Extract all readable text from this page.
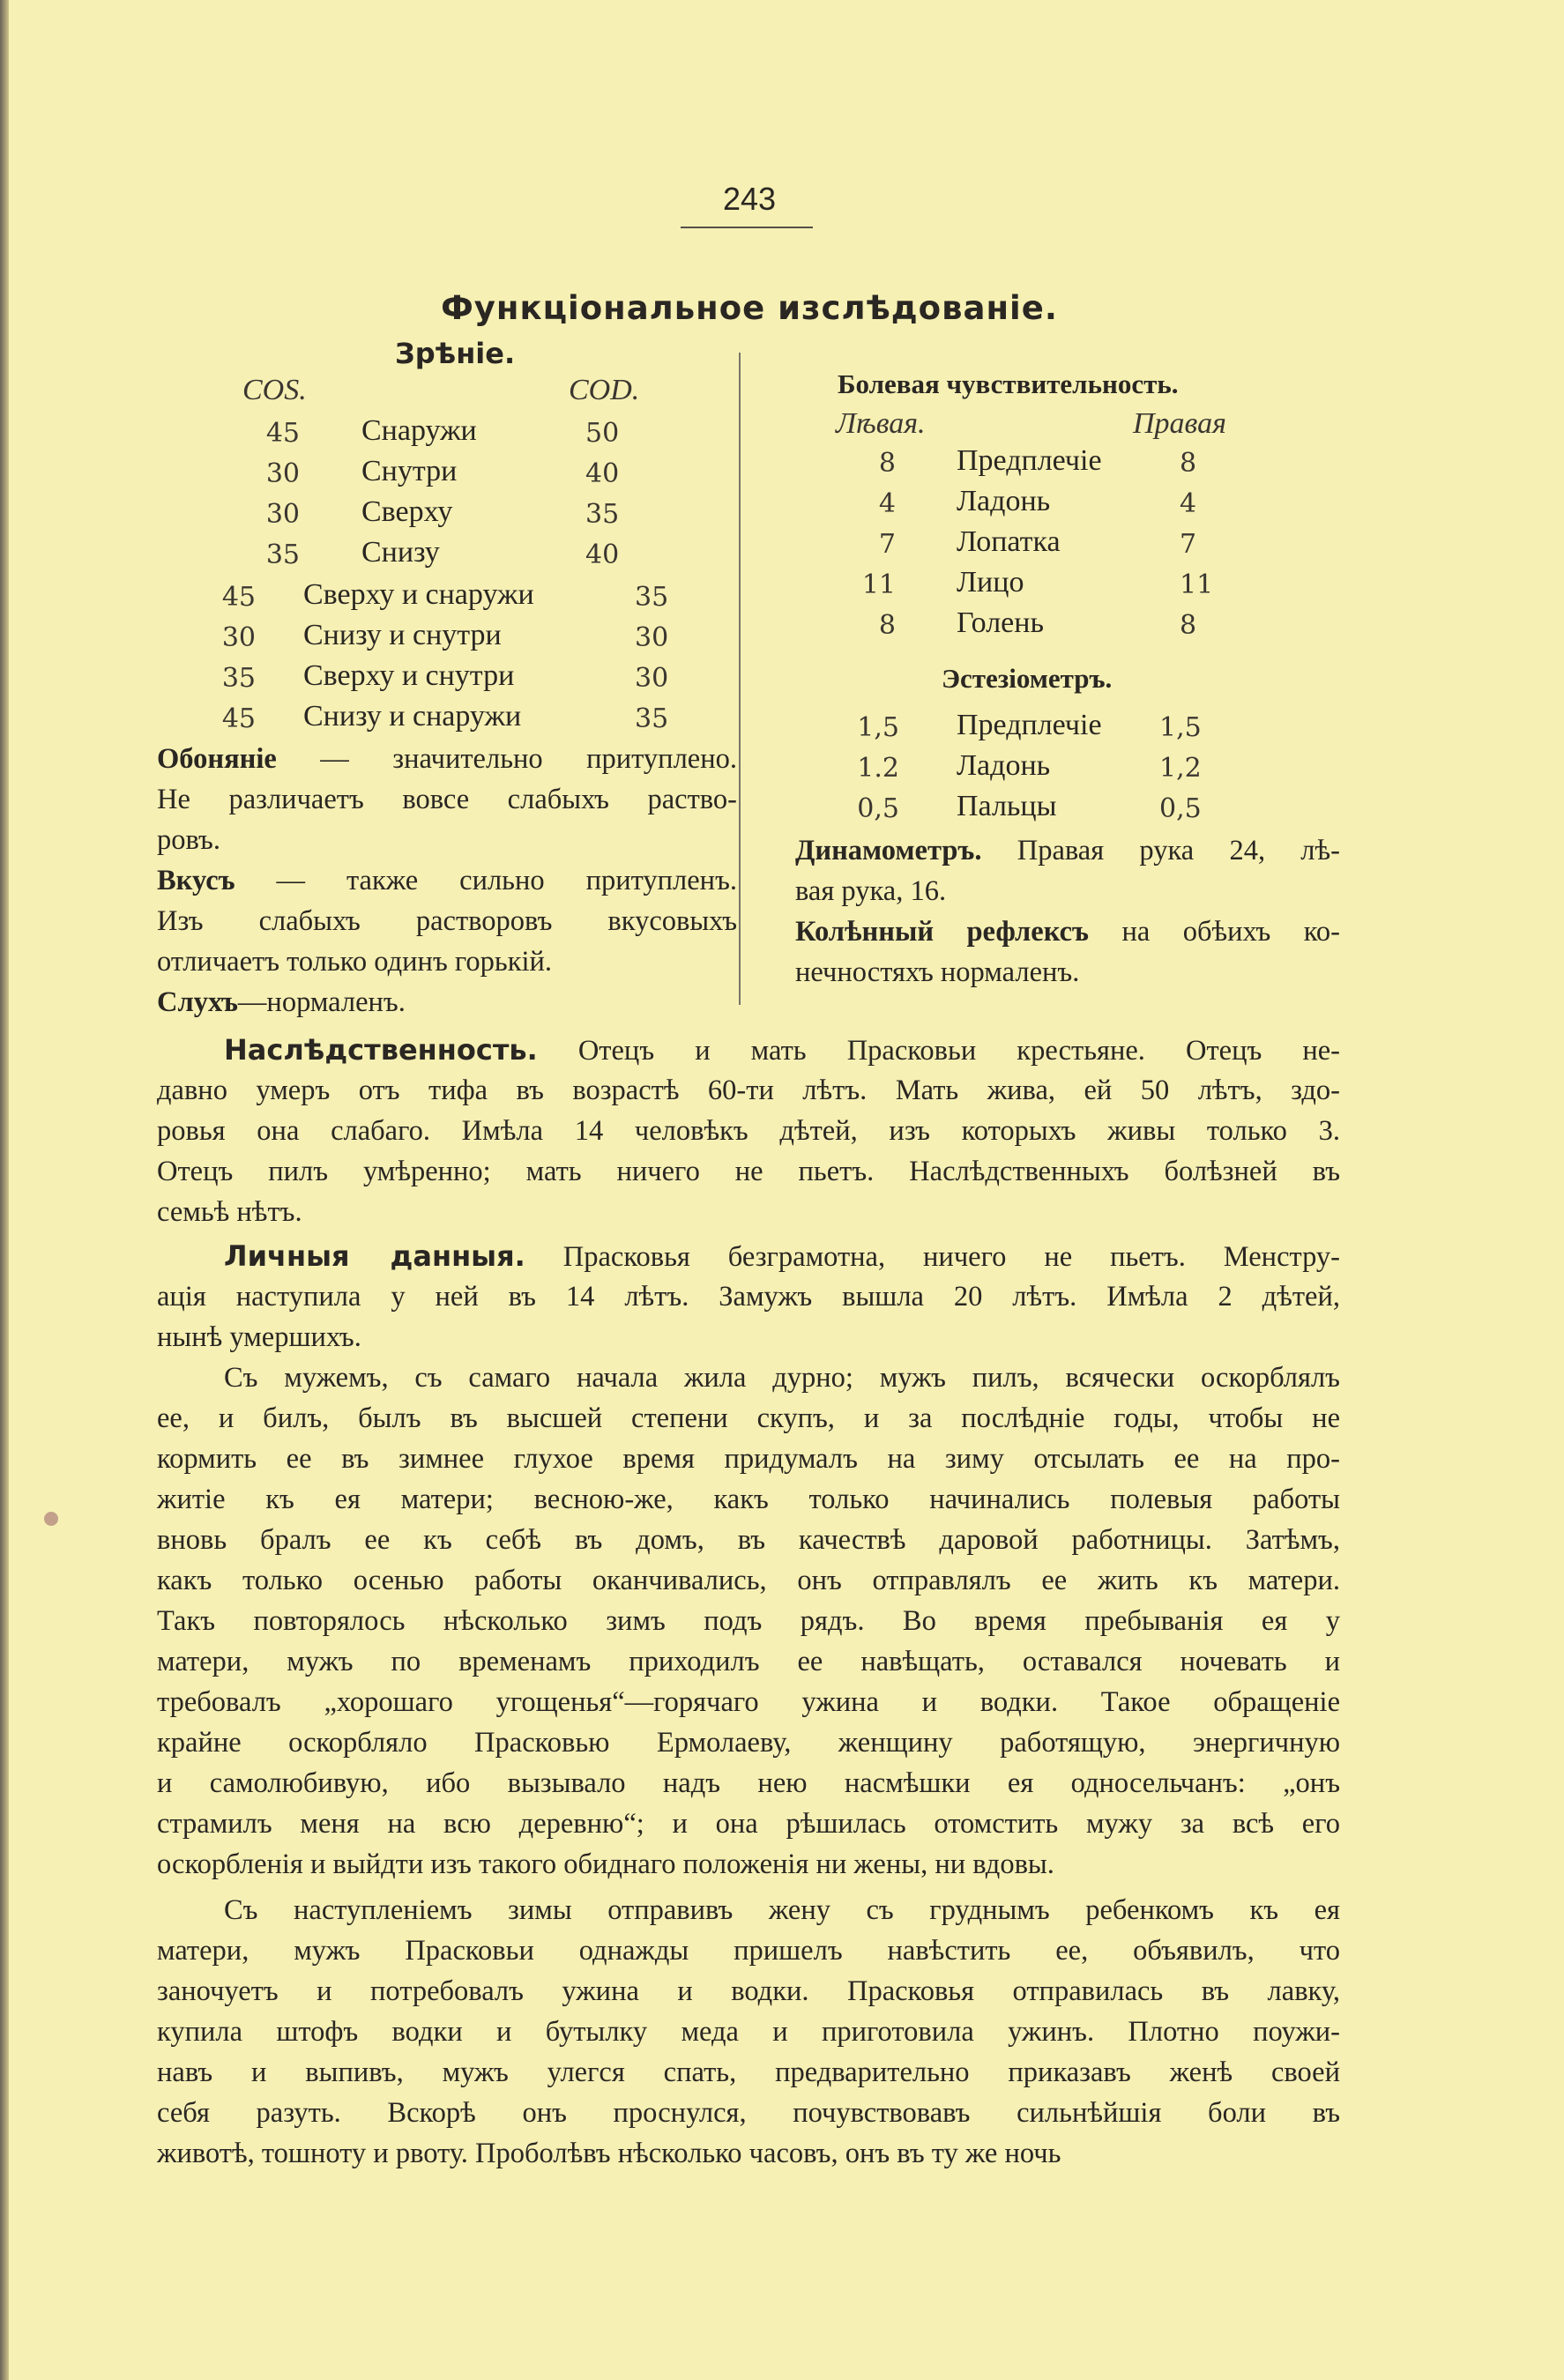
243
Функціональное изслѣдованіе.
Зрѣніе.
COS.	COD.
45 Снаружи	50
30 Снутри	40
30 Сверху	35
35 Снизу	40
45 Сверху и снаружи	35
30 Снизу и снутри	30
35 Сверху и снутри	30
45 Снизу и снаружи	35
Обоняніе — значительно притуплено.
Не различаетъ вовсе слабыхъ раство-
ровъ.
Вкусъ — также сильно притупленъ.
Изъ слабыхъ растворовъ вкусовыхъ
отличаетъ только одинъ горькій.
Слухъ—нормаленъ.
Болевая чувствительность.
Лѣвая.	Правая
8 Предплечіе	8
4 Ладонь	4
7 Лопатка	7
11 Лицо	11
8 Голень	8
Эстезіометръ.
1,5 Предплечіе 1,5
1.2 Ладонь	1,2
0,5 Пальцы	0,5
Динамометръ. Правая рука 24, лѣ-
вая рука, 16.
Колѣнный рефлексъ на обѣихъ ко-
нечностяхъ нормаленъ.
Наслѣдственность. Отецъ и мать Прасковьи крестьяне. Отецъ не-
давно умеръ отъ тифа въ возрастѣ 60-ти лѣтъ. Мать жива, ей 50 лѣтъ, здо-
ровья она слабаго. Имѣла 14 человѣкъ дѣтей, изъ которыхъ живы только 3.
Отецъ пилъ умѣренно; мать ничего не пьетъ. Наслѣдственныхъ болѣзней въ
семьѣ нѣтъ.
Личныя данныя. Прасковья безграмотна, ничего не пьетъ. Менстру-
ація наступила у ней въ 14 лѣтъ. Замужъ вышла 20 лѣтъ. Имѣла 2 дѣтей,
нынѣ умершихъ.
Съ мужемъ, съ самаго начала жила дурно; мужъ пилъ, всячески оскорблялъ
ее, и билъ, былъ въ высшей степени скупъ, и за послѣдніе годы, чтобы не
кормить ее въ зимнее глухое время придумалъ на зиму отсылать ее на про-
житіе къ ея матери; весною-же, какъ только начинались полевыя работы
вновь бралъ ее къ себѣ въ домъ, въ качествѣ даровой работницы. Затѣмъ,
какъ только осенью работы оканчивались, онъ отправлялъ ее жить къ матери.
Такъ повторялось нѣсколько зимъ подъ рядъ. Во время пребыванія ея у
матери, мужъ по временамъ приходилъ ее навѣщать, оставался ночевать и
требовалъ „хорошаго угощенья“—горячаго ужина и водки. Такое обращеніе
крайне оскорбляло Прасковью Ермолаеву, женщину работящую, энергичную
и самолюбивую, ибо вызывало надъ нею насмѣшки ея односельчанъ: „онъ
страмилъ меня на всю деревню“; и она рѣшилась отомстить мужу за всѣ его
оскорбленія и выйдти изъ такого обиднаго положенія ни жены, ни вдовы.
Съ наступленіемъ зимы отправивъ жену съ груднымъ ребенкомъ къ ея
матери, мужъ Прасковьи однажды пришелъ навѣстить ее, объявилъ, что
заночуетъ и потребовалъ ужина и водки. Прасковья отправилась въ лавку,
купила штофъ водки и бутылку меда и приготовила ужинъ. Плотно поужи-
навъ и выпивъ, мужъ улегся спать, предварительно приказавъ женѣ своей
себя разуть. Вскорѣ онъ проснулся, почувствовавъ сильнѣйшія боли въ
животѣ, тошноту и рвоту. Проболѣвъ нѣсколько часовъ, онъ въ ту же ночь
